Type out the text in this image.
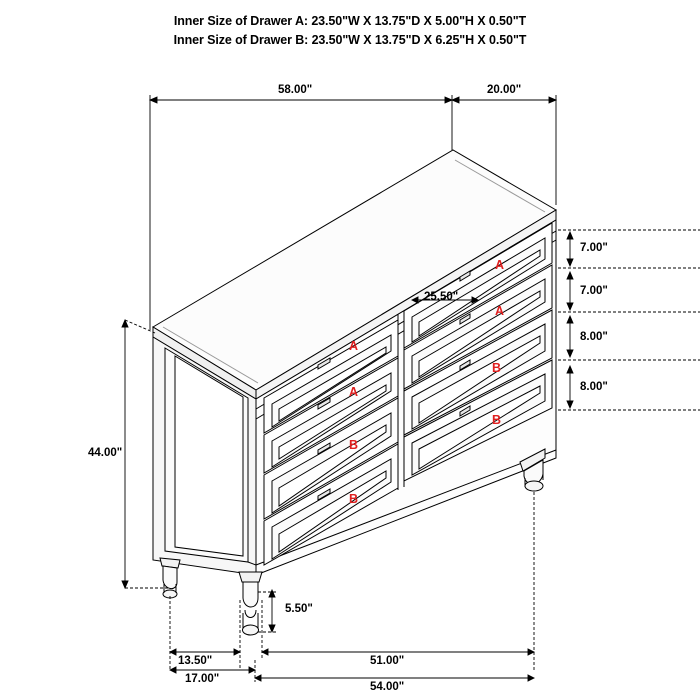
Inner Size of Drawer A: 23.50"W X 13.75"D X 5.00"H X 0.50"T
Inner Size of Drawer B: 23.50"W X 13.75"D X 6.25"H X 0.50"T
58.00"	20.00"
44.00"
7.00"
7.00"
8.00"
8.00"
25.50"
5.50"
13.50"	51.00"
17.00"
54.00"
A
A
B
B
A
A
B
B
